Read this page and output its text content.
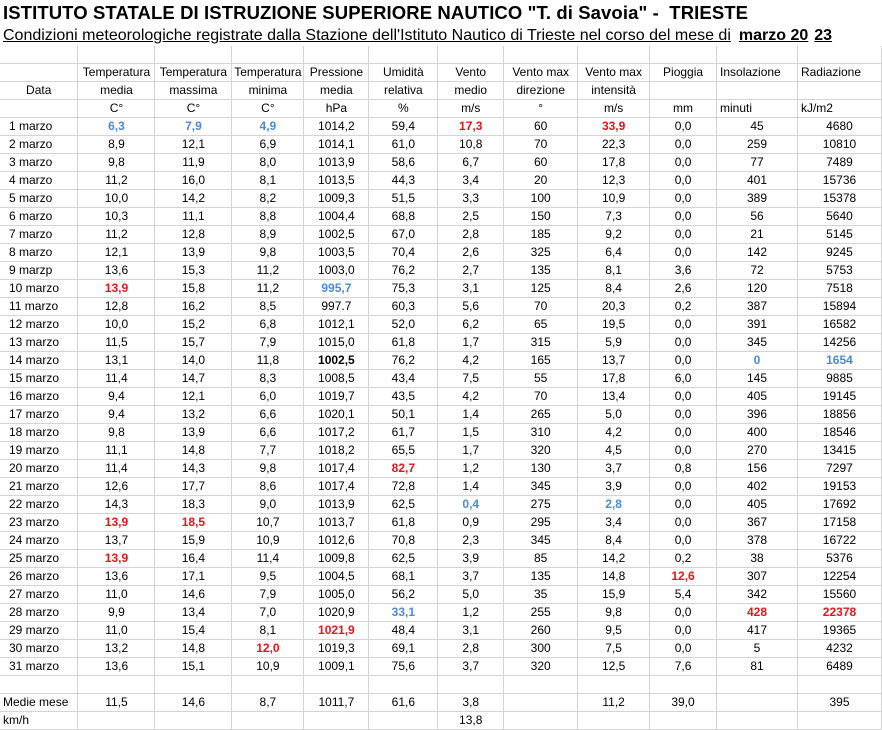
ISTITUTO STATALE DI ISTRUZIONE SUPERIORE NAUTICO "T. di Savoia" -  TRIESTE
Condizioni meteorologiche registrate dalla Stazione dell'Istituto Nautico di Trieste nel corso del mese di marzo 20 23

	Temperatura	Temperatura	Temperatura	Pressione	Umidità	Vento	Vento max	Vento max	Pioggia	Insolazione	Radiazione
Data	media	massima	minima	media	relativa	medio	direzione	intensità			
	C°	C°	C°	hPa	%	m/s	°	m/s	mm	minuti	kJ/m2
1 marzo	6,3	7,9	4,9	1014,2	59,4	17,3	60	33,9	0,0	45	4680
2 marzo	8,9	12,1	6,9	1014,1	61,0	10,8	70	22,3	0,0	259	10810
3 marzo	9,8	11,9	8,0	1013,9	58,6	6,7	60	17,8	0,0	77	7489
4 marzo	11,2	16,0	8,1	1013,5	44,3	3,4	20	12,3	0,0	401	15736
5 marzo	10,0	14,2	8,2	1009,3	51,5	3,3	100	10,9	0,0	389	15378
6 marzo	10,3	11,1	8,8	1004,4	68,8	2,5	150	7,3	0,0	56	5640
7 marzo	11,2	12,8	8,9	1002,5	67,0	2,8	185	9,2	0,0	21	5145
8 marzo	12,1	13,9	9,8	1003,5	70,4	2,6	325	6,4	0,0	142	9245
9 marzp	13,6	15,3	11,2	1003,0	76,2	2,7	135	8,1	3,6	72	5753
10 marzo	13,9	15,8	11,2	995,7	75,3	3,1	125	8,4	2,6	120	7518
11 marzo	12,8	16,2	8,5	997.7	60,3	5,6	70	20,3	0,2	387	15894
12 marzo	10,0	15,2	6,8	1012,1	52,0	6,2	65	19,5	0,0	391	16582
13 marzo	11,5	15,7	7,9	1015,0	61,8	1,7	315	5,9	0,0	345	14256
14 marzo	13,1	14,0	11,8	1002,5	76,2	4,2	165	13,7	0,0	0	1654
15 marzo	11,4	14,7	8,3	1008,5	43,4	7,5	55	17,8	6,0	145	9885
16 marzo	9,4	12,1	6,0	1019,7	43,5	4,2	70	13,4	0,0	405	19145
17 marzo	9,4	13,2	6,6	1020,1	50,1	1,4	265	5,0	0,0	396	18856
18 marzo	9,8	13,9	6,6	1017,2	61,7	1,5	310	4,2	0,0	400	18546
19 marzo	11,1	14,8	7,7	1018,2	65,5	1,7	320	4,5	0,0	270	13415
20 marzo	11,4	14,3	9,8	1017,4	82,7	1,2	130	3,7	0,8	156	7297
21 marzo	12,6	17,7	8,6	1017,4	72,8	1,4	345	3,9	0,0	402	19153
22 marzo	14,3	18,3	9,0	1013,9	62,5	0,4	275	2,8	0,0	405	17692
23 marzo	13,9	18,5	10,7	1013,7	61,8	0,9	295	3,4	0,0	367	17158
24 marzo	13,7	15,9	10,9	1012,6	70,8	2,3	345	8,4	0,0	378	16722
25 marzo	13,9	16,4	11,4	1009,8	62,5	3,9	85	14,2	0,2	38	5376
26 marzo	13,6	17,1	9,5	1004,5	68,1	3,7	135	14,8	12,6	307	12254
27 marzo	11,0	14,6	7,9	1005,0	56,2	5,0	35	15,9	5,4	342	15560
28 marzo	9,9	13,4	7,0	1020,9	33,1	1,2	255	9,8	0,0	428	22378
29 marzo	11,0	15,4	8,1	1021,9	48,4	3,1	260	9,5	0,0	417	19365
30 marzo	13,2	14,8	12,0	1019,3	69,1	2,8	300	7,5	0,0	5	4232
31 marzo	13,6	15,1	10,9	1009,1	75,6	3,7	320	12,5	7,6	81	6489

Medie mese	11,5	14,6	8,7	1011,7	61,6	3,8		11,2	39,0		395
km/h						13,8					
